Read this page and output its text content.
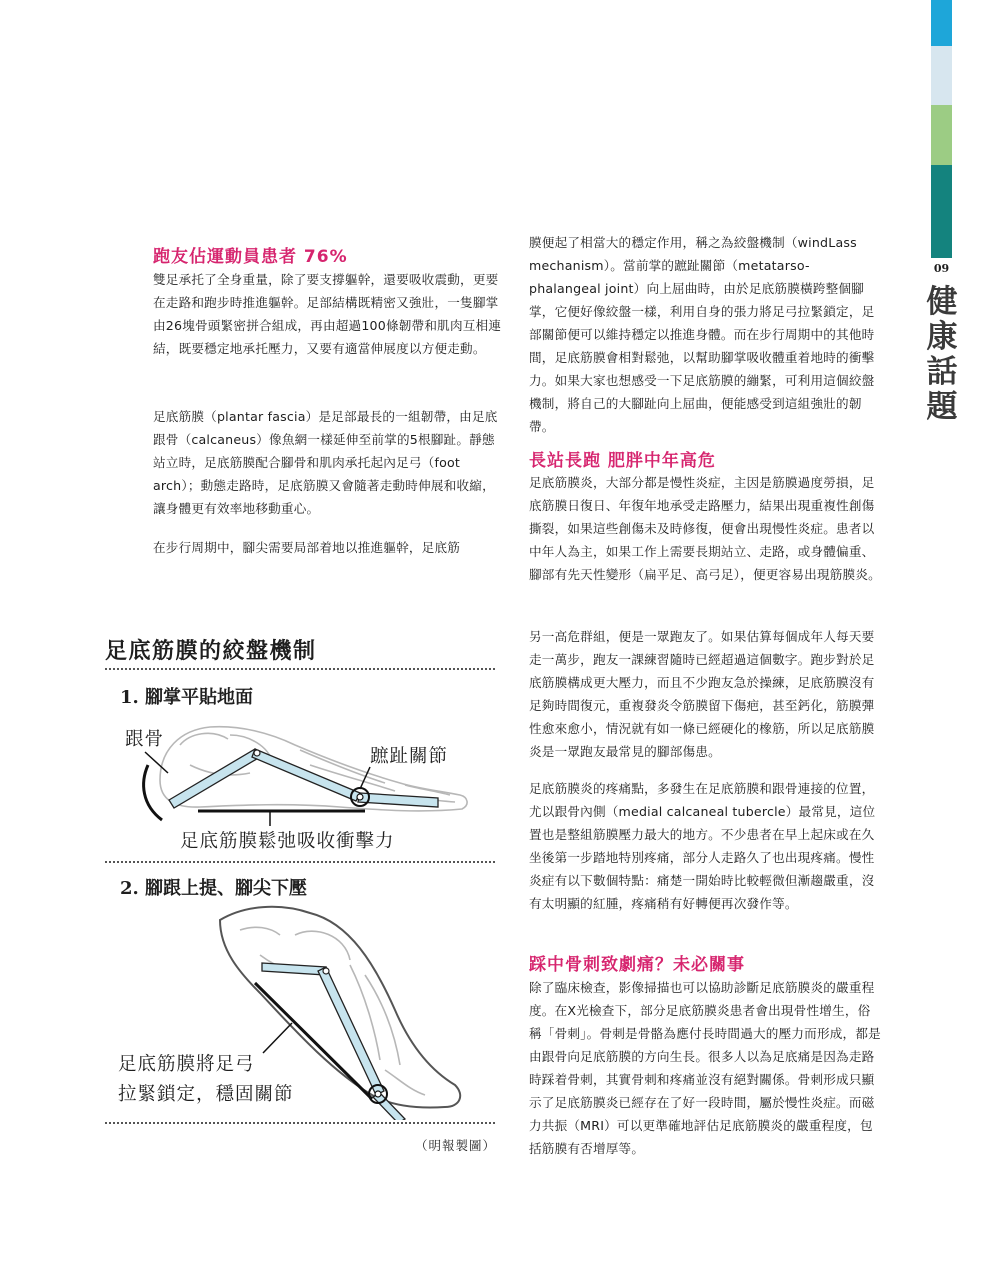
09
健
康
話
題
跑友佔運動員患者 76%

雙足承托了全身重量，除了要支撐軀幹，還要吸收震動，更要在走路和跑步時推進軀幹。足部結構既精密又強壯，一隻腳掌由26塊骨頭緊密拼合組成，再由超過100條韌帶和肌肉互相連結，既要穩定地承托壓力，又要有適當伸展度以方便走動。

足底筋膜（plantar fascia）是足部最長的一組韌帶，由足底跟骨（calcaneus）像魚網一樣延伸至前掌的5根腳趾。靜態站立時，足底筋膜配合腳骨和肌肉承托起內足弓（foot arch）；動態走路時，足底筋膜又會隨著走動時伸展和收縮，讓身體更有效率地移動重心。

在步行周期中，腳尖需要局部着地以推進軀幹，足底筋

足底筋膜的絞盤機制
1. 腳掌平貼地面
跟骨
蹠趾關節
足底筋膜鬆弛吸收衝擊力
2. 腳跟上提、腳尖下壓
足底筋膜將足弓
拉緊鎖定，穩固關節
（明報製圖）

膜便起了相當大的穩定作用，稱之為絞盤機制（windLass mechanism）。當前掌的蹠趾關節（metatarso-phalangeal joint）向上屈曲時，由於足底筋膜橫跨整個腳掌，它便好像絞盤一樣，利用自身的張力將足弓拉緊鎖定，足部關節便可以維持穩定以推進身體。而在步行周期中的其他時間，足底筋膜會相對鬆弛，以幫助腳掌吸收體重着地時的衝擊力。如果大家也想感受一下足底筋膜的繃緊，可利用這個絞盤機制，將自己的大腳趾向上屈曲，便能感受到這組強壯的韌帶。

長站長跑 肥胖中年高危

足底筋膜炎，大部分都是慢性炎症，主因是筋膜過度勞損，足底筋膜日復日、年復年地承受走路壓力，結果出現重複性創傷撕裂，如果這些創傷未及時修復，便會出現慢性炎症。患者以中年人為主，如果工作上需要長期站立、走路，或身體偏重、腳部有先天性變形（扁平足、高弓足），便更容易出現筋膜炎。

另一高危群組，便是一眾跑友了。如果估算每個成年人每天要走一萬步，跑友一課練習隨時已經超過這個數字。跑步對於足底筋膜構成更大壓力，而且不少跑友急於操練，足底筋膜沒有足夠時間復元，重複發炎令筋膜留下傷疤，甚至鈣化，筋膜彈性愈來愈小，情況就有如一條已經硬化的橡筋，所以足底筋膜炎是一眾跑友最常見的腳部傷患。

足底筋膜炎的疼痛點，多發生在足底筋膜和跟骨連接的位置，尤以跟骨內側（medial calcaneal tubercle）最常見，這位置也是整組筋膜壓力最大的地方。不少患者在早上起床或在久坐後第一步踏地特別疼痛，部分人走路久了也出現疼痛。慢性炎症有以下數個特點：痛楚一開始時比較輕微但漸趨嚴重，沒有太明顯的紅腫，疼痛稍有好轉便再次發作等。

踩中骨刺致劇痛？未必關事

除了臨床檢查，影像掃描也可以協助診斷足底筋膜炎的嚴重程度。在X光檢查下，部分足底筋膜炎患者會出現骨性增生，俗稱「骨刺」。骨刺是骨骼為應付長時間過大的壓力而形成，都是由跟骨向足底筋膜的方向生長。很多人以為足底痛是因為走路時踩着骨刺，其實骨刺和疼痛並沒有絕對關係。骨刺形成只顯示了足底筋膜炎已經存在了好一段時間，屬於慢性炎症。而磁力共振（MRI）可以更準確地評估足底筋膜炎的嚴重程度，包括筋膜有否增厚等。
